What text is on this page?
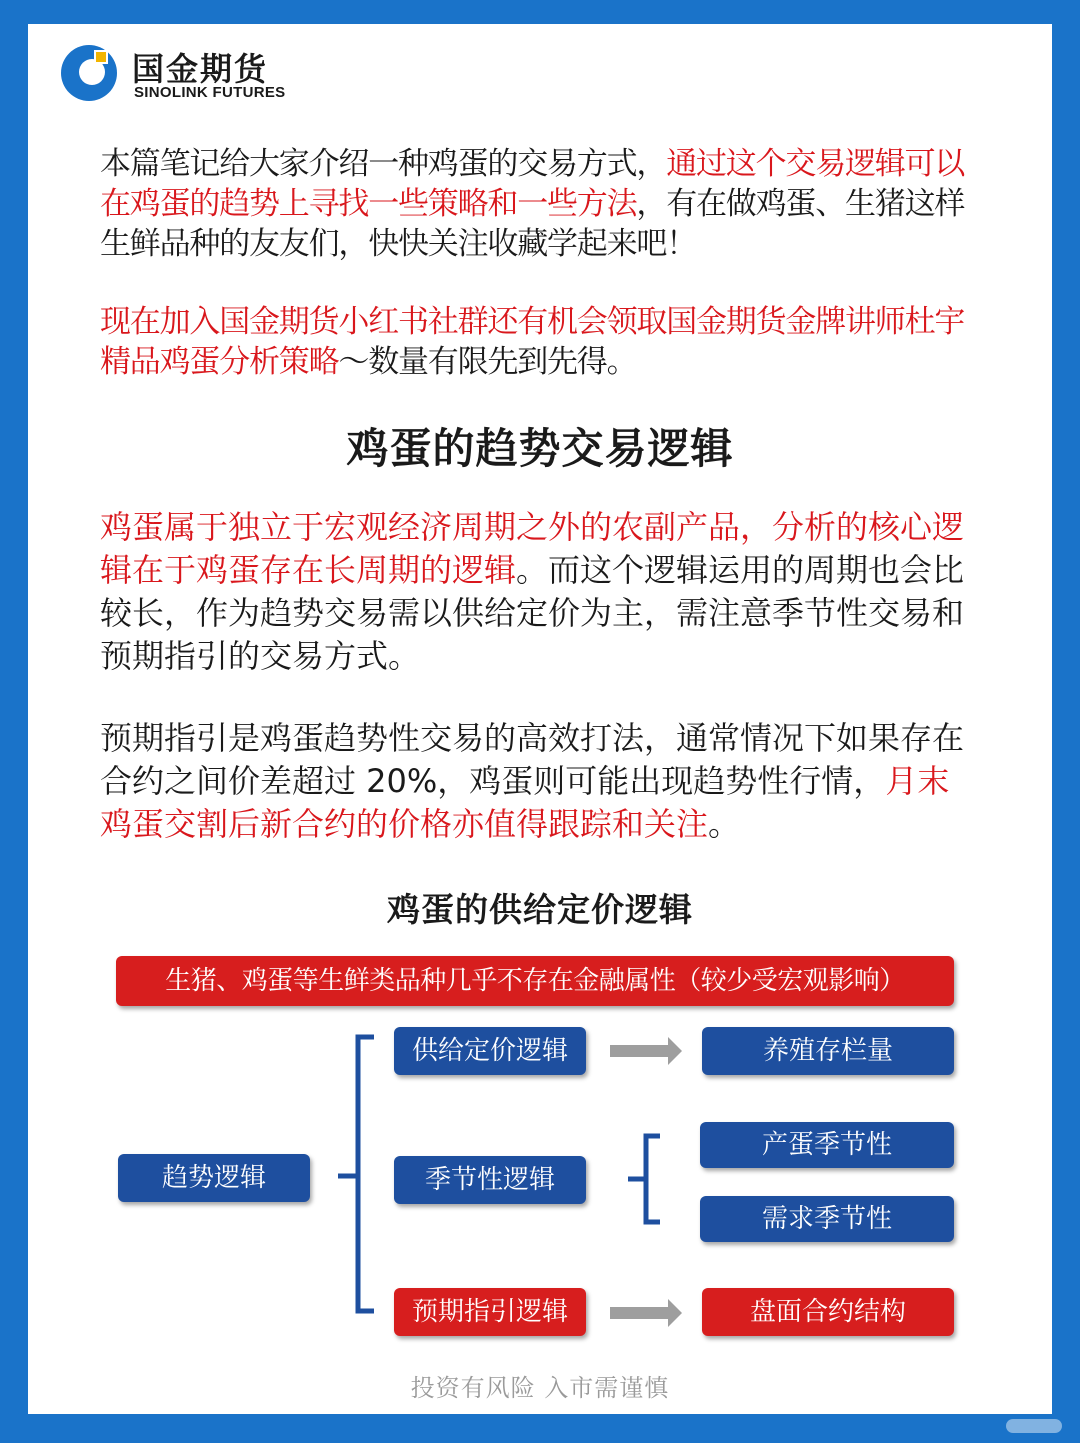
国金期货
SINOLINK FUTURES

本篇笔记给大家介绍一种鸡蛋的交易方式，通过这个交易逻辑可以在鸡蛋的趋势上寻找一些策略和一些方法，有在做鸡蛋、生猪这样生鲜品种的友友们，快快关注收藏学起来吧！

现在加入国金期货小红书社群还有机会领取国金期货金牌讲师杜宇精品鸡蛋分析策略～数量有限先到先得。

鸡蛋的趋势交易逻辑

鸡蛋属于独立于宏观经济周期之外的农副产品，分析的核心逻辑在于鸡蛋存在长周期的逻辑。而这个逻辑运用的周期也会比较长，作为趋势交易需以供给定价为主，需注意季节性交易和预期指引的交易方式。

预期指引是鸡蛋趋势性交易的高效打法，通常情况下如果存在合约之间价差超过 20%，鸡蛋则可能出现趋势性行情，月末鸡蛋交割后新合约的价格亦值得跟踪和关注。

鸡蛋的供给定价逻辑
生猪、鸡蛋等生鲜类品种几乎不存在金融属性（较少受宏观影响）
趋势逻辑
供给定价逻辑	养殖存栏量
季节性逻辑
产蛋季节性
需求季节性
预期指引逻辑	盘面合约结构
投资有风险 入市需谨慎
